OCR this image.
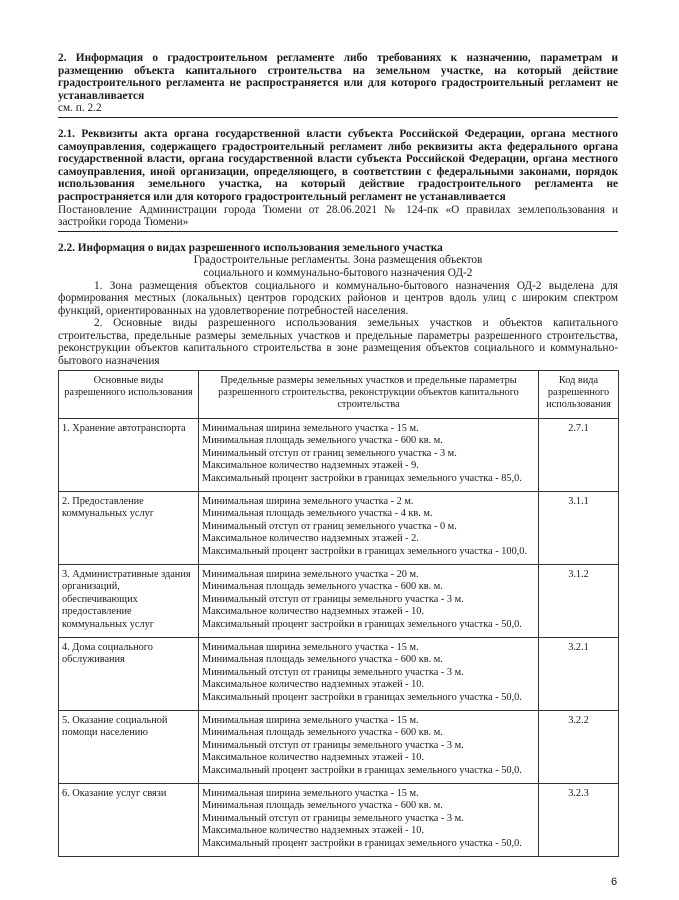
2. Информация о градостроительном регламенте либо требованиях к назначению, параметрам и размещению объекта капитального строительства на земельном участке, на который действие градостроительного регламента не распространяется или для которого градостроительный регламент не устанавливается

см. п. 2.2

2.1. Реквизиты акта органа государственной власти субъекта Российской Федерации, органа местного самоуправления, содержащего градостроительный регламент либо реквизиты акта федерального органа государственной власти, органа государственной власти субъекта Российской Федерации, органа местного самоуправления, иной организации, определяющего, в соответствии с федеральными законами, порядок использования земельного участка, на который действие градостроительного регламента не распространяется или для которого градостроительный регламент не устанавливается

Постановление Администрации города Тюмени от 28.06.2021 № 124-пк «О правилах землепользования и застройки города Тюмени»

2.2. Информация о видах разрешенного использования земельного участка

Градостроительные регламенты. Зона размещения объектов

социального и коммунально-бытового назначения ОД-2

1. Зона размещения объектов социального и коммунально-бытового назначения ОД-2 выделена для формирования местных (локальных) центров городских районов и центров вдоль улиц с широким спектром функций, ориентированных на удовлетворение потребностей населения.

2. Основные виды разрешенного использования земельных участков и объектов капитального строительства, предельные размеры земельных участков и предельные параметры разрешенного строительства, реконструкции объектов капитального строительства в зоне размещения объектов социального и коммунально-бытового назначения

Основные виды разрешенного использования	Предельные размеры земельных участков и предельные параметры разрешенного строительства, реконструкции объектов капитального строительства	Код вида разрешенного использования
1. Хранение автотранспорта	Минимальная ширина земельного участка - 15 м.
Минимальная площадь земельного участка - 600 кв. м.
Минимальный отступ от границ земельного участка - 3 м.
Максимальное количество надземных этажей - 9.
Максимальный процент застройки в границах земельного участка - 85,0.	2.7.1
2. Предоставление коммунальных услуг	Минимальная ширина земельного участка - 2 м.
Минимальная площадь земельного участка - 4 кв. м.
Минимальный отступ от границ земельного участка - 0 м.
Максимальное количество надземных этажей - 2.
Максимальный процент застройки в границах земельного участка - 100,0.	3.1.1
3. Административные здания организаций, обеспечивающих предоставление коммунальных услуг	Минимальная ширина земельного участка - 20 м.
Минимальная площадь земельного участка - 600 кв. м.
Минимальный отступ от границы земельного участка - 3 м.
Максимальное количество надземных этажей - 10.
Максимальный процент застройки в границах земельного участка - 50,0.	3.1.2
4. Дома социального обслуживания	Минимальная ширина земельного участка - 15 м.
Минимальная площадь земельного участка - 600 кв. м.
Минимальный отступ от границы земельного участка - 3 м.
Максимальное количество надземных этажей - 10.
Максимальный процент застройки в границах земельного участка - 50,0.	3.2.1
5. Оказание социальной помощи населению	Минимальная ширина земельного участка - 15 м.
Минимальная площадь земельного участка - 600 кв. м.
Минимальный отступ от границы земельного участка - 3 м.
Максимальное количество надземных этажей - 10.
Максимальный процент застройки в границах земельного участка - 50,0.	3.2.2
6. Оказание услуг связи	Минимальная ширина земельного участка - 15 м.
Минимальная площадь земельного участка - 600 кв. м.
Минимальный отступ от границы земельного участка - 3 м.
Максимальное количество надземных этажей - 10.
Максимальный процент застройки в границах земельного участка - 50,0.	3.2.3
6
